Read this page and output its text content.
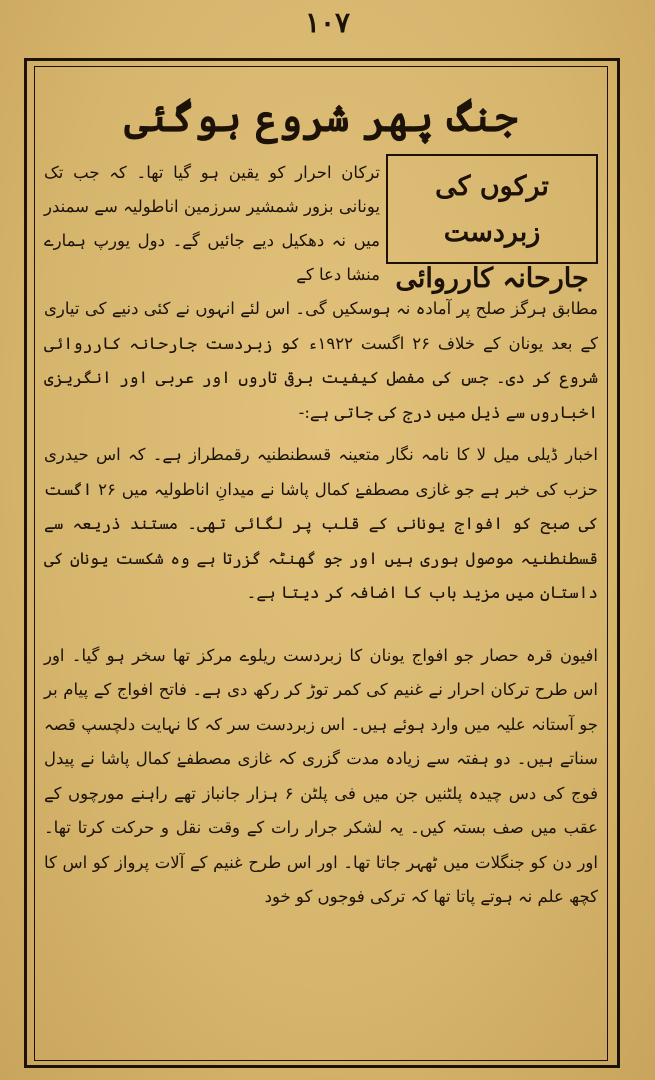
۱۰۷
جنگ پھر شروع ہوگئی
ترکوں کی زبردست
جارحانہ کارروائی
ترکان احرار کو یقین ہو گیا تھا۔ کہ جب تک یونانی بزور شمشیر سرزمین اناطولیہ سے سمندر میں نہ دھکیل دیے جائیں گے۔ دول یورپ ہمارے منشا دعا کے

مطابق ہرگز صلح پر آمادہ نہ ہوسکیں گی۔ اس لئے انہوں نے کئی دنیے کی تیاری کے بعد یونان کے خلاف ۲۶ اگست ۱۹۲۲ء کو زبردست جارحانہ کارروائی شروع کر دی۔ جس کی مفصل کیفیت برقی تاروں اور عربی اور انگریزی اخباروں سے ذیل میں درج کی جاتی ہے:-

اخبار ڈیلی میل لا کا نامہ نگار متعینہ قسطنطنیہ رقمطراز ہے۔ کہ اس حیدری حزب کی خبر ہے جو غازی مصطفےٰ کمال پاشا نے میدانِ اناطولیہ میں ۲۶ اگست کی صبح کو افواج یونانی کے قلب پر لگائی تھی۔ مستند ذریعہ سے قسطنطنیہ موصول ہوری ہیں اور جو گھنٹہ گزرتا ہے وہ شکست یونان کی داستان میں مزید باب کا اضافہ کر دیتا ہے۔

افیون قرہ حصار جو افواج یونان کا زبردست ریلوے مرکز تھا سخر ہو گیا۔ اور اس طرح ترکان احرار نے غنیم کی کمر توڑ کر رکھ دی ہے۔ فاتح افواج کے پیام بر جو آستانہ علیہ میں وارد ہوئے ہیں۔ اس زبردست سر کہ کا نہایت دلچسپ قصہ سناتے ہیں۔ دو ہفتہ سے زیادہ مدت گزری کہ غازی مصطفےٰ کمال پاشا نے پیدل فوج کی دس چیدہ پلٹنیں جن میں فی پلٹن ۶ ہزار جانباز تھے راہنے مورچوں کے عقب میں صف بستہ کیں۔ یہ لشکر جرار رات کے وقت نقل و حرکت کرتا تھا۔ اور دن کو جنگلات میں ٹھہر جاتا تھا۔ اور اس طرح غنیم کے آلات پرواز کو اس کا کچھ علم نہ ہوتے پاتا تھا کہ ترکی فوجوں کو خود
